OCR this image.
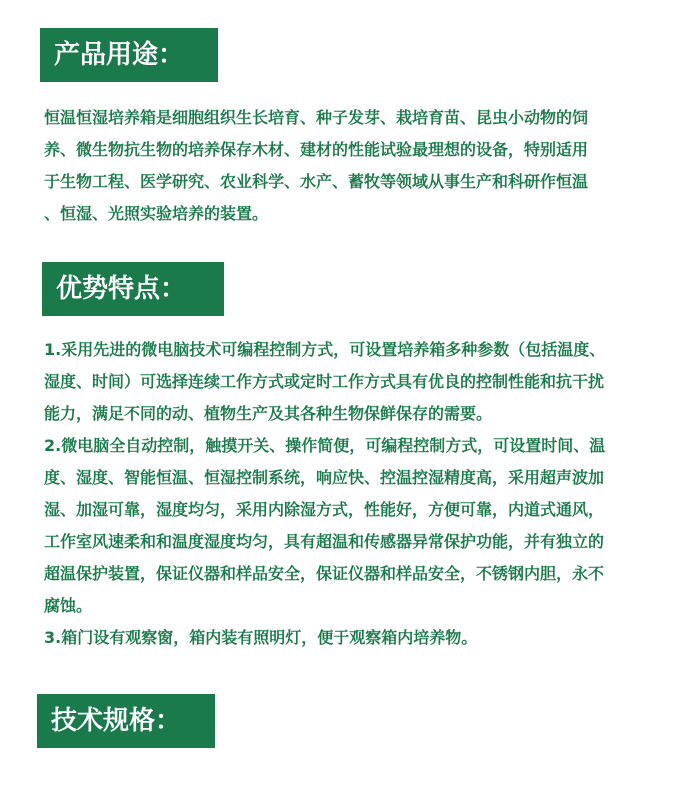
产品用途：
恒温恒湿培养箱是细胞组织生长培育、种子发芽、栽培育苗、昆虫小动物的饲
养、微生物抗生物的培养保存木材、建材的性能试验最理想的设备，特别适用
于生物工程、医学研究、农业科学、水产、蓄牧等领域从事生产和科研作恒温
、恒湿、光照实验培养的装置。
优势特点：
1.采用先进的微电脑技术可编程控制方式，可设置培养箱多种参数（包括温度、
湿度、时间）可选择连续工作方式或定时工作方式具有优良的控制性能和抗干扰
能力，满足不同的动、植物生产及其各种生物保鲜保存的需要。
2.微电脑全自动控制，触摸开关、操作简便，可编程控制方式，可设置时间、温
度、湿度、智能恒温、恒湿控制系统，响应快、控温控湿精度高，采用超声波加
湿、加湿可靠，湿度均匀，采用内除湿方式，性能好，方便可靠，内道式通风，
工作室风速柔和和温度湿度均匀，具有超温和传感器异常保护功能，并有独立的
超温保护装置，保证仪器和样品安全，保证仪器和样品安全，不锈钢内胆，永不
腐蚀。
3.箱门设有观察窗，箱内装有照明灯，便于观察箱内培养物。
技术规格：
